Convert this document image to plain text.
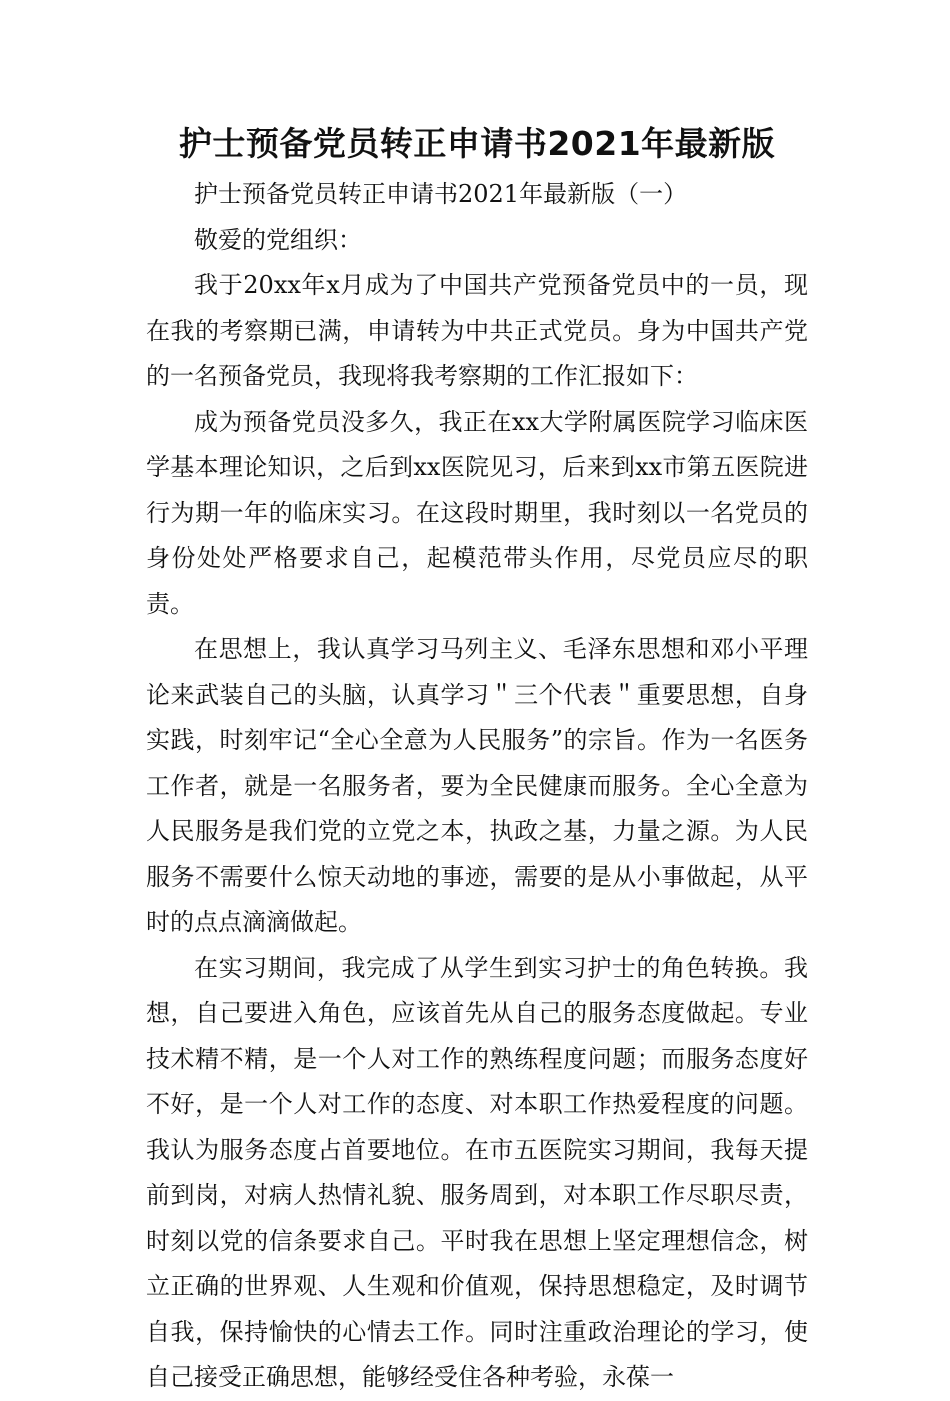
护士预备党员转正申请书2021年最新版

护士预备党员转正申请书2021年最新版（一）

敬爱的党组织：

我于20xx年x月成为了中国共产党预备党员中的一员，现在我的考察期已满，申请转为中共正式党员。身为中国共产党的一名预备党员，我现将我考察期的工作汇报如下：

成为预备党员没多久，我正在xx大学附属医院学习临床医学基本理论知识，之后到xx医院见习，后来到xx市第五医院进行为期一年的临床实习。在这段时期里，我时刻以一名党员的身份处处严格要求自己，起模范带头作用，尽党员应尽的职责。

在思想上，我认真学习马列主义、毛泽东思想和邓小平理论来武装自己的头脑，认真学习＂三个代表＂重要思想，自身实践，时刻牢记“全心全意为人民服务”的宗旨。作为一名医务工作者，就是一名服务者，要为全民健康而服务。全心全意为人民服务是我们党的立党之本，执政之基，力量之源。为人民服务不需要什么惊天动地的事迹，需要的是从小事做起，从平时的点点滴滴做起。

在实习期间，我完成了从学生到实习护士的角色转换。我想，自己要进入角色，应该首先从自己的服务态度做起。专业技术精不精，是一个人对工作的熟练程度问题；而服务态度好不好，是一个人对工作的态度、对本职工作热爱程度的问题。我认为服务态度占首要地位。在市五医院实习期间，我每天提前到岗，对病人热情礼貌、服务周到，对本职工作尽职尽责，时刻以党的信条要求自己。平时我在思想上坚定理想信念，树立正确的世界观、人生观和价值观，保持思想稳定，及时调节自我，保持愉快的心情去工作。同时注重政治理论的学习，使自己接受正确思想，能够经受住各种考验，永葆一
